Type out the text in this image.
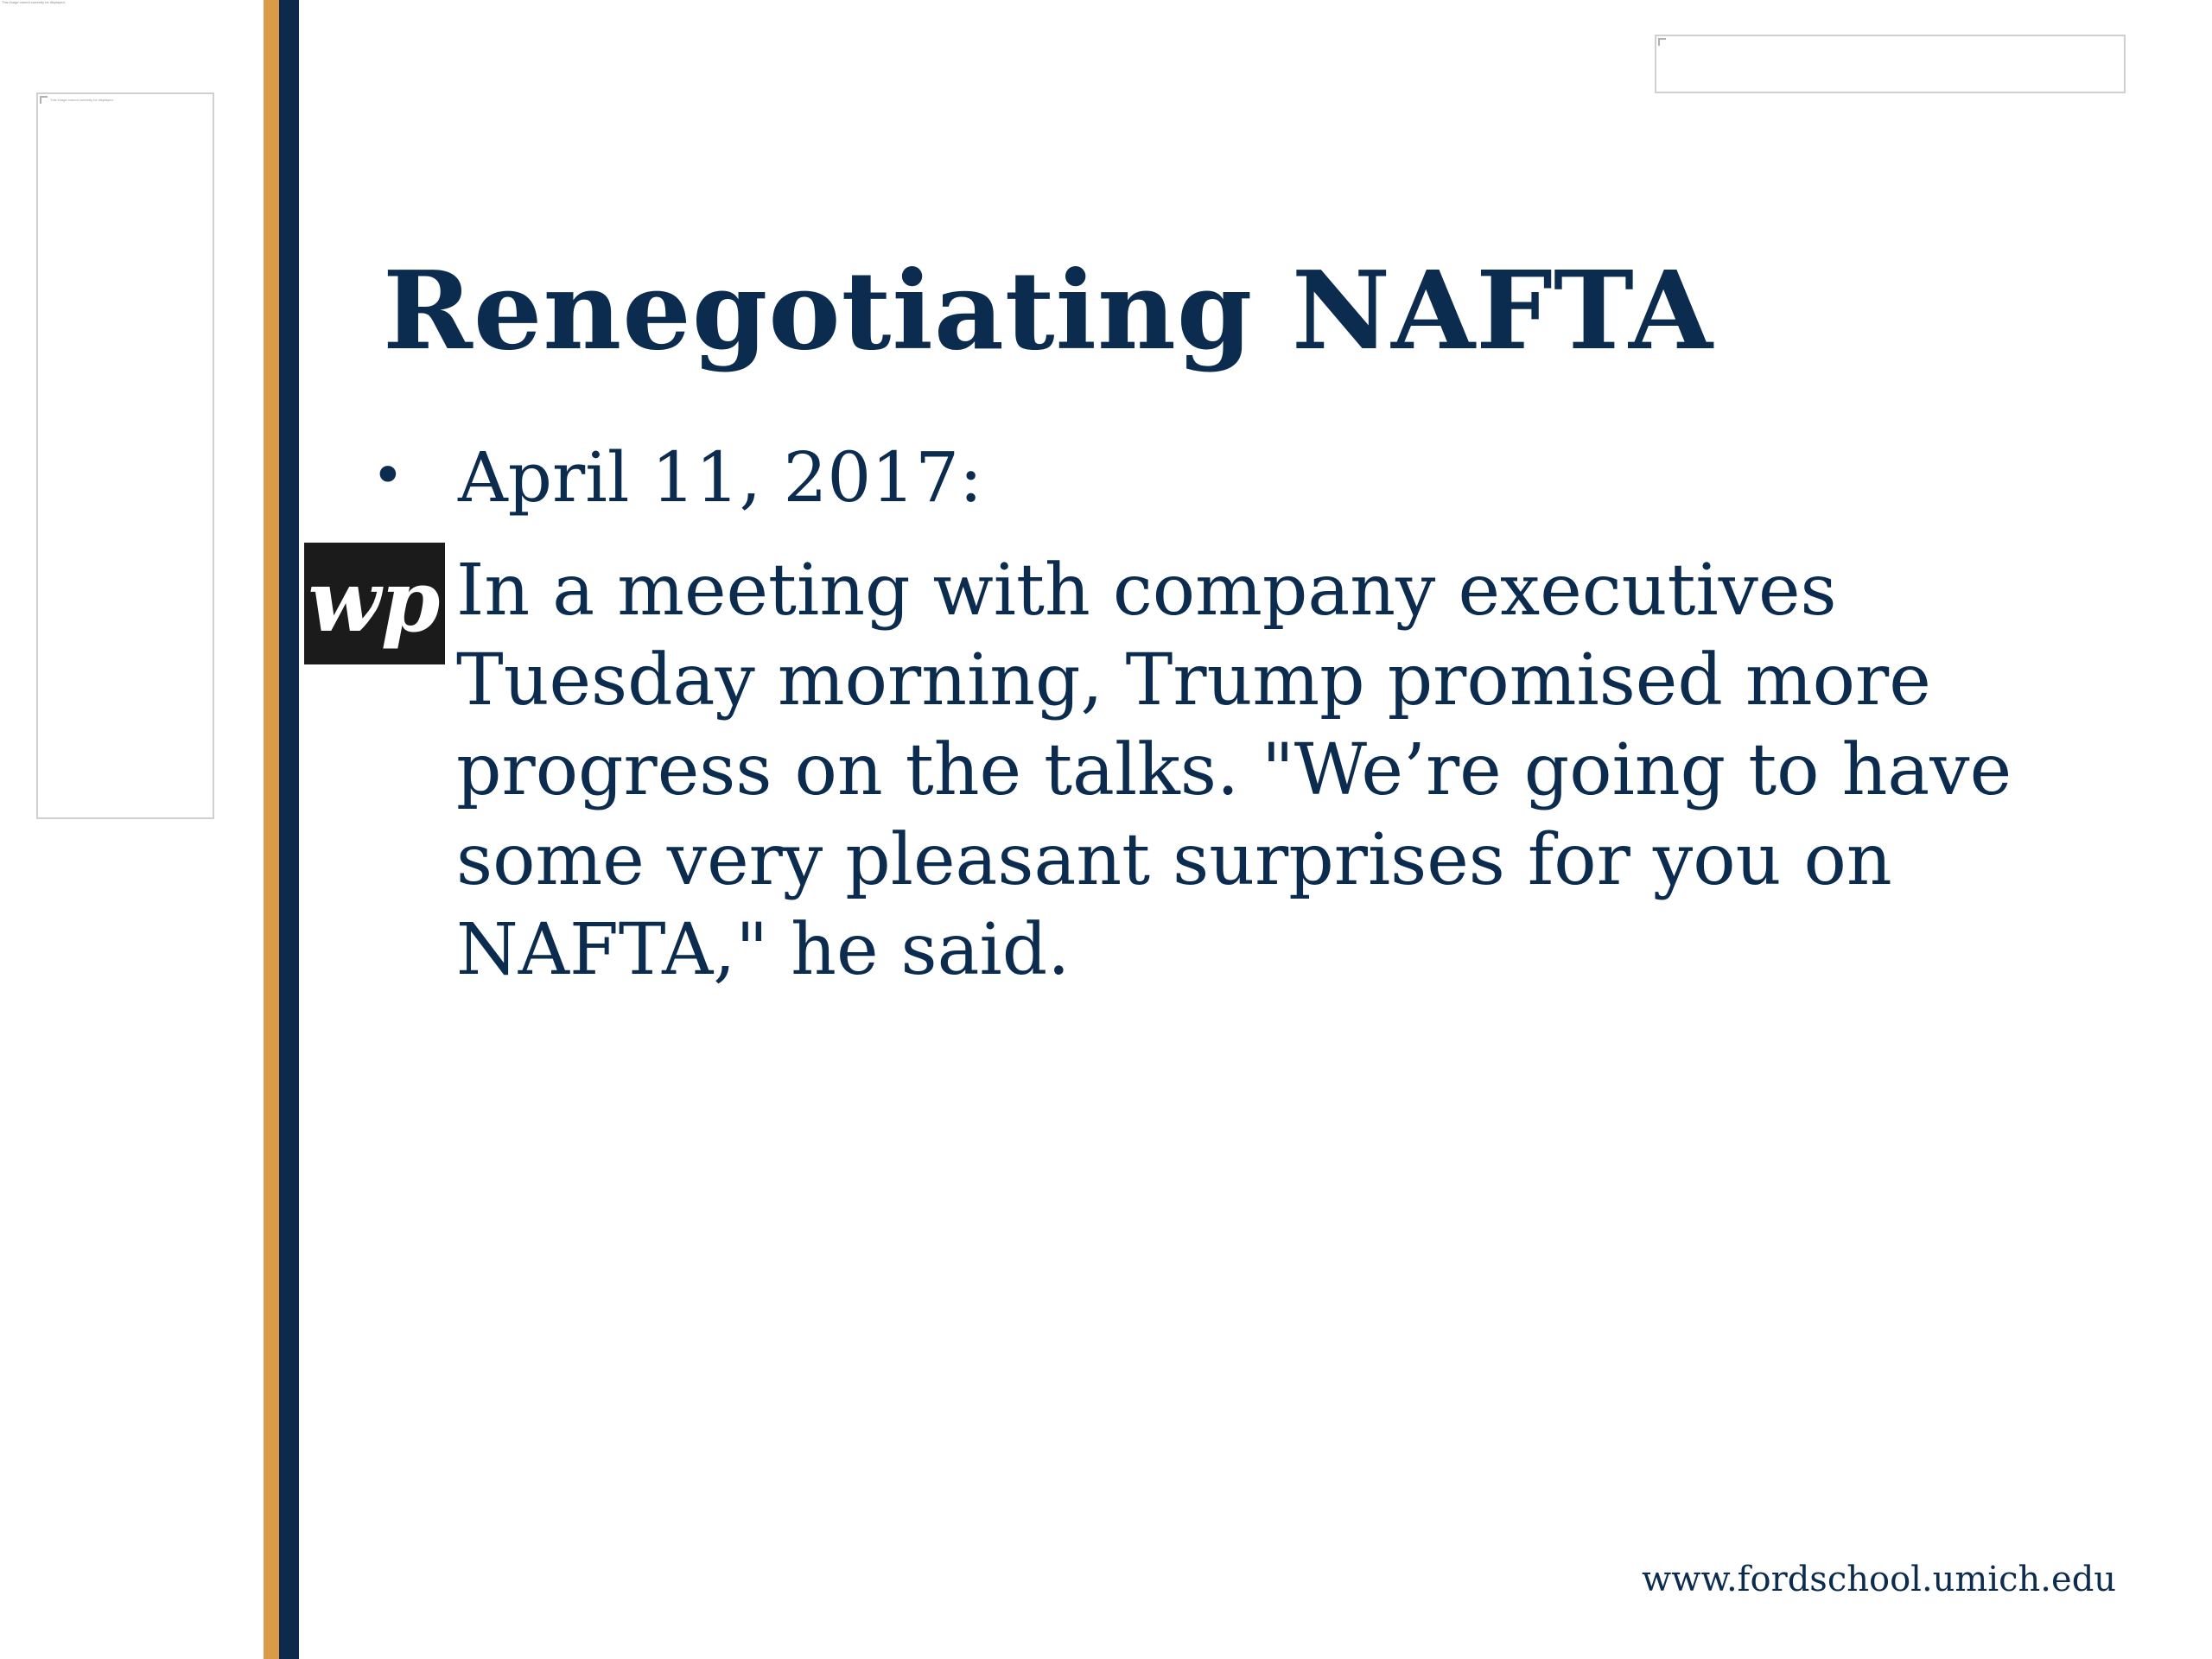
This image cannot currently be displayed.
This image cannot currently be displayed.
Renegotiating NAFTA
• April 11, 2017:
wp In a meeting with company executives Tuesday morning, Trump promised more progress on the talks. "We’re going to have some very pleasant surprises for you on NAFTA," he said.
www.fordschool.umich.edu
